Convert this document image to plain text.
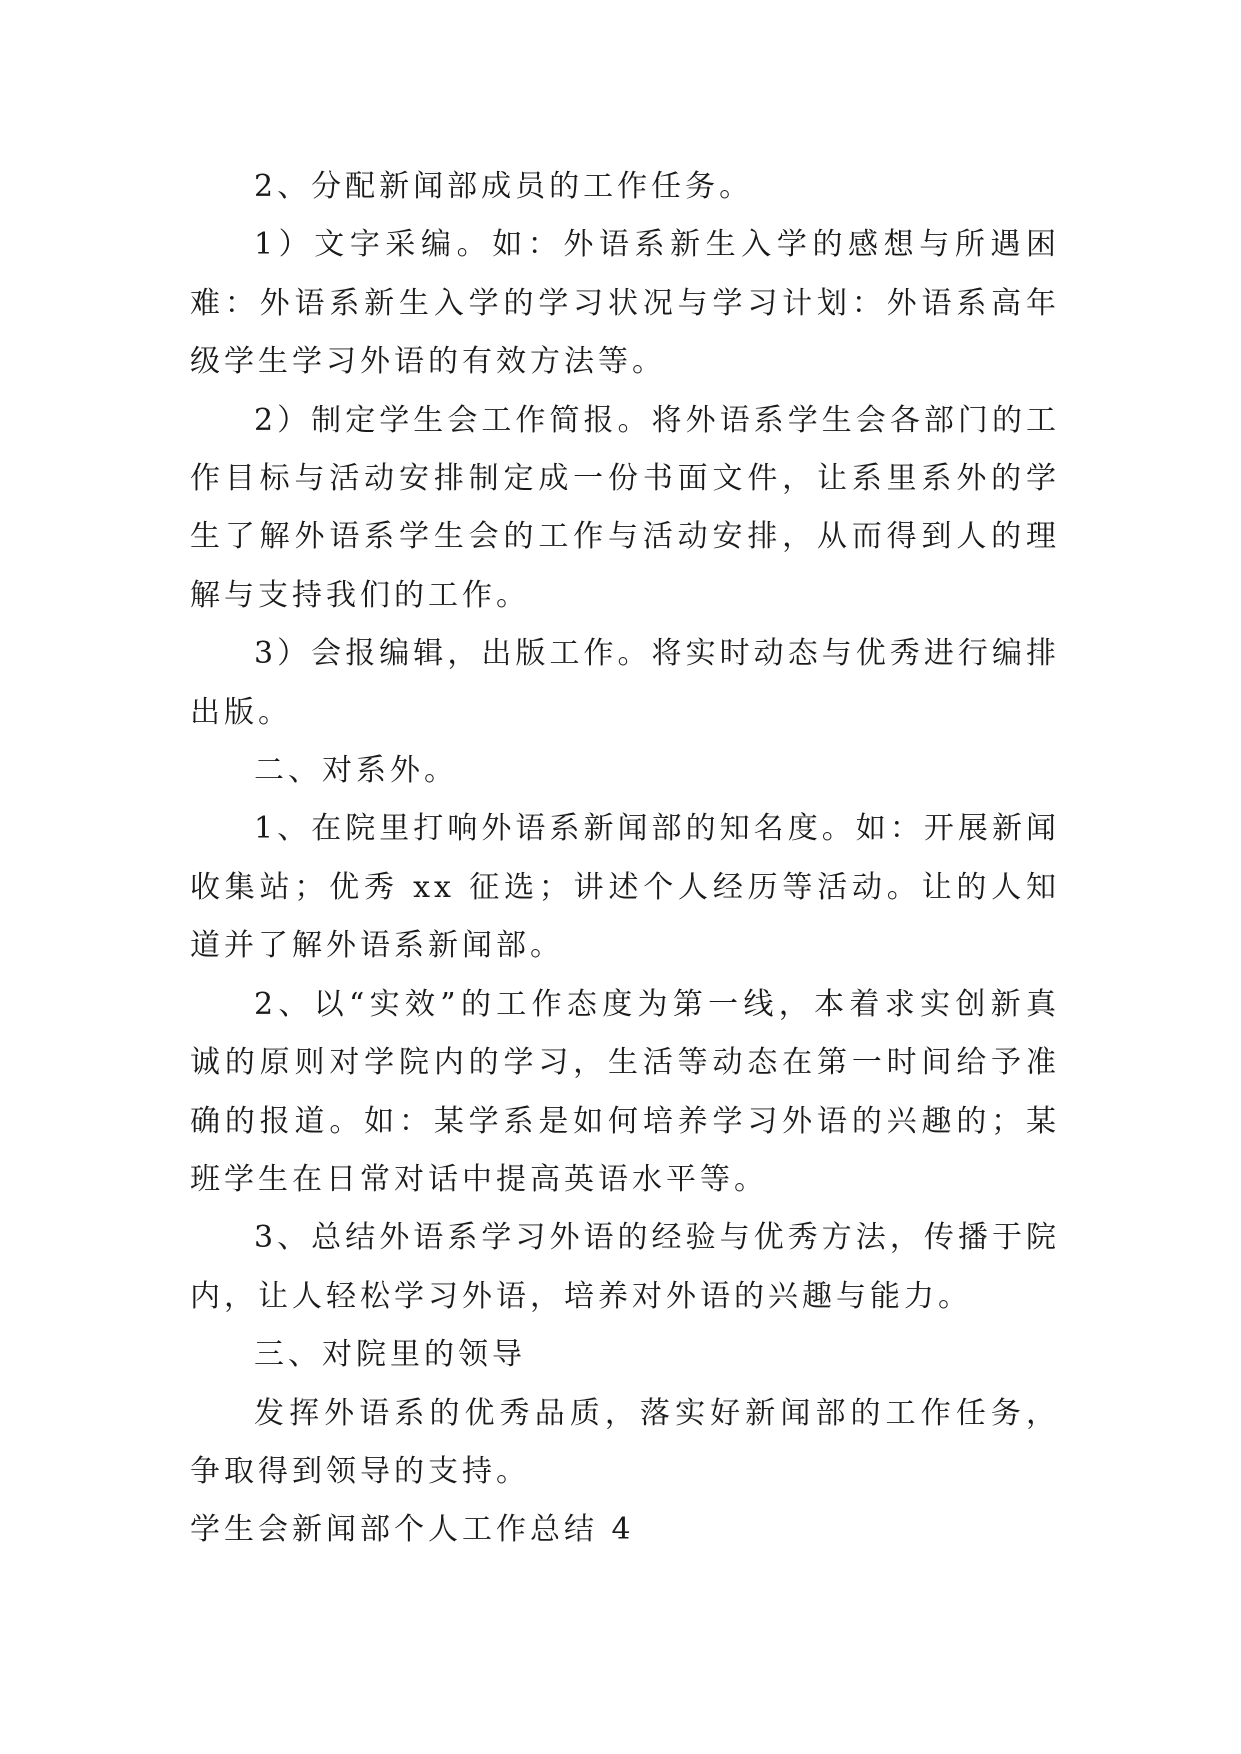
2、分配新闻部成员的工作任务。

1）文字采编。如：外语系新生入学的感想与所遇困难：外语系新生入学的学习状况与学习计划：外语系高年级学生学习外语的有效方法等。

2）制定学生会工作简报。将外语系学生会各部门的工作目标与活动安排制定成一份书面文件，让系里系外的学生了解外语系学生会的工作与活动安排，从而得到人的理解与支持我们的工作。

3）会报编辑，出版工作。将实时动态与优秀进行编排出版。

二、对系外。

1、在院里打响外语系新闻部的知名度。如：开展新闻收集站；优秀 xx 征选；讲述个人经历等活动。让的人知道并了解外语系新闻部。

2、以“实效”的工作态度为第一线，本着求实创新真诚的原则对学院内的学习，生活等动态在第一时间给予准确的报道。如：某学系是如何培养学习外语的兴趣的；某班学生在日常对话中提高英语水平等。

3、总结外语系学习外语的经验与优秀方法，传播于院内，让人轻松学习外语，培养对外语的兴趣与能力。

三、对院里的领导

发挥外语系的优秀品质，落实好新闻部的工作任务，争取得到领导的支持。

学生会新闻部个人工作总结 4
